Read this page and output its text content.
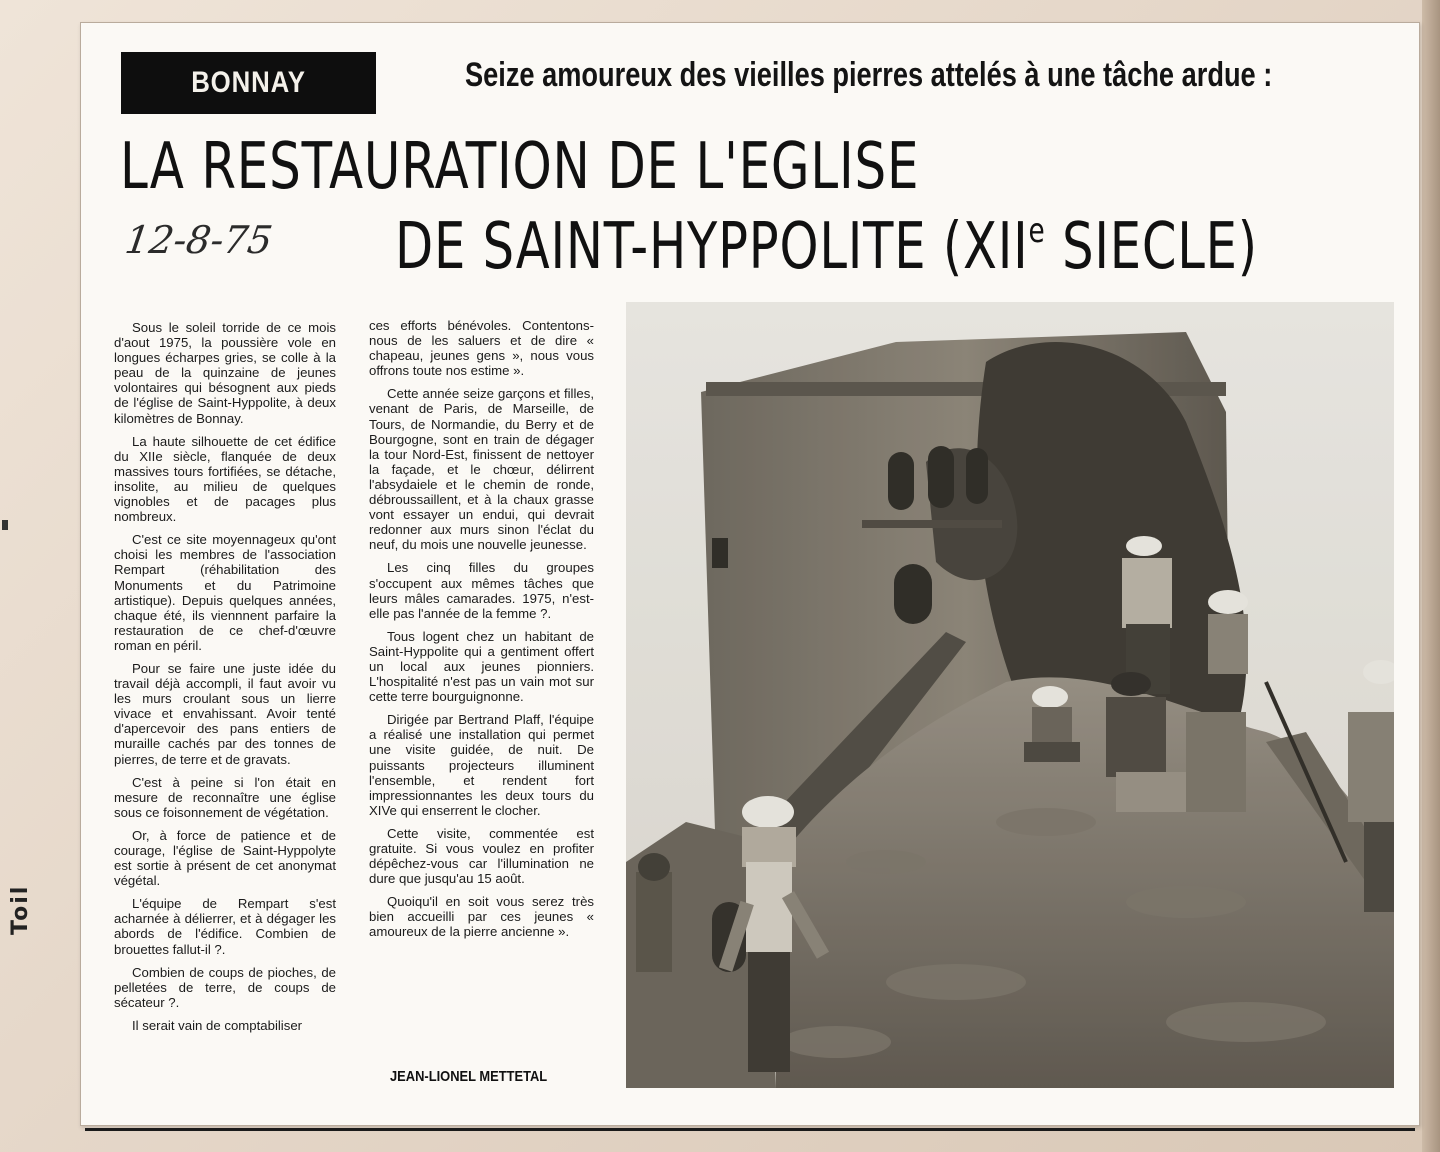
Toil
BONNAY	Seize amoureux des vieilles pierres attelés à une tâche ardue :
LA RESTAURATION DE L'EGLISE
DE SAINT-HYPPOLITE (XIIe SIECLE)
12-8-75

Sous le soleil torride de ce mois d'aout 1975, la poussière vole en longues écharpes gries, se colle à la peau de la quinzaine de jeunes volontaires qui bésognent aux pieds de l'église de Saint-Hyppolite, à deux kilomètres de Bonnay.

La haute silhouette de cet édifice du XIIe siècle, flanquée de deux massives tours fortifiées, se détache, insolite, au milieu de quelques vignobles et de pacages plus nombreux.

C'est ce site moyennageux qu'ont choisi les membres de l'association Rempart (réhabilitation des Monuments et du Patrimoine artistique). Depuis quelques années, chaque été, ils viennnent parfaire la restauration de ce chef-d'œuvre roman en péril.

Pour se faire une juste idée du travail déjà accompli, il faut avoir vu les murs croulant sous un lierre vivace et envahissant. Avoir tenté d'apercevoir des pans entiers de muraille cachés par des tonnes de pierres, de terre et de gravats.

C'est à peine si l'on était en mesure de reconnaître une église sous ce foisonnement de végétation.

Or, à force de patience et de courage, l'église de Saint-Hyppolyte est sortie à présent de cet anonymat végétal.

L'équipe de Rempart s'est acharnée à délierrer, et à dégager les abords de l'édifice. Combien de brouettes fallut-il ?.

Combien de coups de pioches, de pelletées de terre, de coups de sécateur ?.

Il serait vain de comptabiliser

ces efforts bénévoles. Contentons-nous de les saluers et de dire « chapeau, jeunes gens », nous vous offrons toute nos estime ».

Cette année seize garçons et filles, venant de Paris, de Marseille, de Tours, de Normandie, du Berry et de Bourgogne, sont en train de dégager la tour Nord-Est, finissent de nettoyer la façade, et le chœur, délirrent l'absydaiele et le chemin de ronde, débroussaillent, et à la chaux grasse vont essayer un endui, qui devrait redonner aux murs sinon l'éclat du neuf, du mois une nouvelle jeunesse.

Les cinq filles du groupes s'occupent aux mêmes tâches que leurs mâles camarades. 1975, n'est-elle pas l'année de la femme ?.

Tous logent chez un habitant de Saint-Hyppolite qui a gentiment offert un local aux jeunes pionniers. L'hospitalité n'est pas un vain mot sur cette terre bourguignonne.

Dirigée par Bertrand Plaff, l'équipe a réalisé une installation qui permet une visite guidée, de nuit. De puissants projecteurs illuminent l'ensemble, et rendent fort impressionnantes les deux tours du XIVe qui enserrent le clocher.

Cette visite, commentée est gratuite. Si vous voulez en profiter dépêchez-vous car l'illumination ne dure que jusqu'au 15 août.

Quoiqu'il en soit vous serez très bien accueilli par ces jeunes « amoureux de la pierre ancienne ».

JEAN-LIONEL METTETAL
